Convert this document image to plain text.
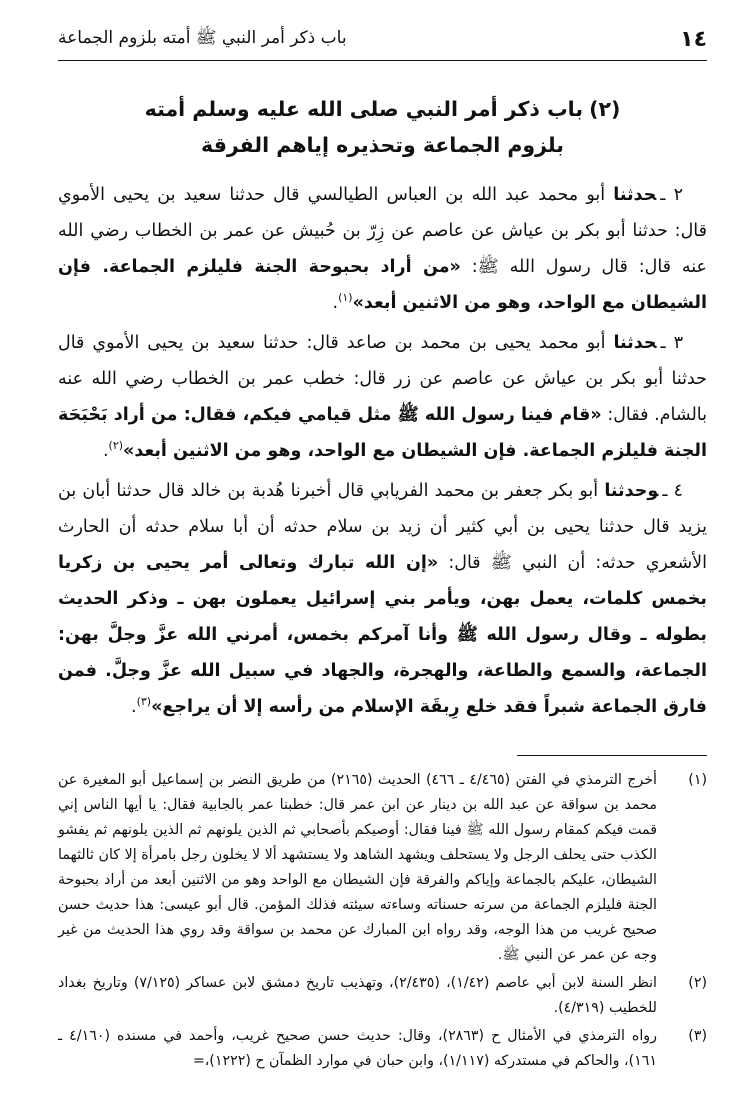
١٤
باب ذكر أمر النبي ﷺ أمته بلزوم الجماعة
(٢)باب ذكر أمر النبي صلى الله عليه وسلم أمته
بلزوم الجماعة وتحذيره إياهم الفرقة

٢ ـحدثنا أبو محمد عبد الله بن العباس الطيالسي قال حدثنا سعيد بن يحيى الأموي قال: حدثنا أبو بكر بن عياش عن عاصم عن زِرّ بن حُبيش عن عمر بن الخطاب رضي الله عنه قال: قال رسول الله ﷺ: «من أراد بحبوحة الجنة فليلزم الجماعة. فإن الشيطان مع الواحد، وهو من الاثنين أبعد»$^{(١)}$.

٣ ـحدثنا أبو محمد يحيى بن محمد بن صاعد قال: حدثنا سعيد بن يحيى الأموي قال حدثنا أبو بكر بن عياش عن عاصم عن زر قال: خطب عمر بن الخطاب رضي الله عنه بالشام. فقال: «قام فينا رسول الله ﷺ مثل قيامي فيكم، فقال: من أراد بَحْبَحَة الجنة فليلزم الجماعة. فإن الشيطان مع الواحد، وهو من الاثنين أبعد»$^{(٢)}$.

٤ ـوحدثنا أبو بكر جعفر بن محمد الفريابي قال أخبرنا هُدبة بن خالد قال حدثنا أبان بن يزيد قال حدثنا يحيى بن أبي كثير أن زيد بن سلام حدثه أن أبا سلام حدثه أن الحارث الأشعري حدثه: أن النبي ﷺ قال: «إن الله تبارك وتعالى أمر يحيى بن زكريا بخمس كلمات، يعمل بهن، ويأمر بني إسرائيل يعملون بهن ـ وذكر الحديث بطوله ـ وقال رسول الله ﷺ وأنا آمركم بخمس، أمرني الله عزَّ وجلَّ بهن: الجماعة، والسمع والطاعة، والهجرة، والجهاد في سبيل الله عزَّ وجلَّ. فمن فارق الجماعة شبراً فقد خلع رِبقَة الإسلام من رأسه إلا أن يراجع»$^{(٣)}$.

(١)
أخرج الترمذي في الفتن (٤/٤٦٥ ـ ٤٦٦) الحديث (٢١٦٥) من طريق النضر بن إسماعيل أبو المغيرة عن محمد بن سواقة عن عبد الله بن دينار عن ابن عمر قال: خطبنا عمر بالجابية فقال: يا أيها الناس إني قمت فيكم كمقام رسول الله ﷺ فينا فقال: أوصيكم بأصحابي ثم الذين يلونهم ثم الذين يلونهم ثم يفشو الكذب حتى يحلف الرجل ولا يستحلف ويشهد الشاهد ولا يستشهد ألا لا يخلون رجل بامرأة إلا كان ثالثهما الشيطان، عليكم بالجماعة وإياكم والفرقة فإن الشيطان مع الواحد وهو من الاثنين أبعد من أراد بحبوحة الجنة فليلزم الجماعة من سرته حسناته وساءته سيئته فذلك المؤمن. قال أبو عيسى: هذا حديث حسن صحيح غريب من هذا الوجه، وقد رواه ابن المبارك عن محمد بن سواقة وقد روي هذا الحديث من غير وجه عن عمر عن النبي ﷺ.
(٢)
انظر السنة لابن أبي عاصم (١/٤٢)، (٢/٤٣٥)، وتهذيب تاريخ دمشق لابن عساكر (٧/١٢٥) وتاريخ بغداد للخطيب (٤/٣١٩).
(٣)
رواه الترمذي في الأمثال ح (٢٨٦٣)، وقال: حديث حسن صحيح غريب، وأحمد في مسنده (٤/١٦٠ ـ ١٦١)، والحاكم في مستدركه (١/١١٧)، وابن حبان في موارد الظمآن ح (١٢٢٢)،=
